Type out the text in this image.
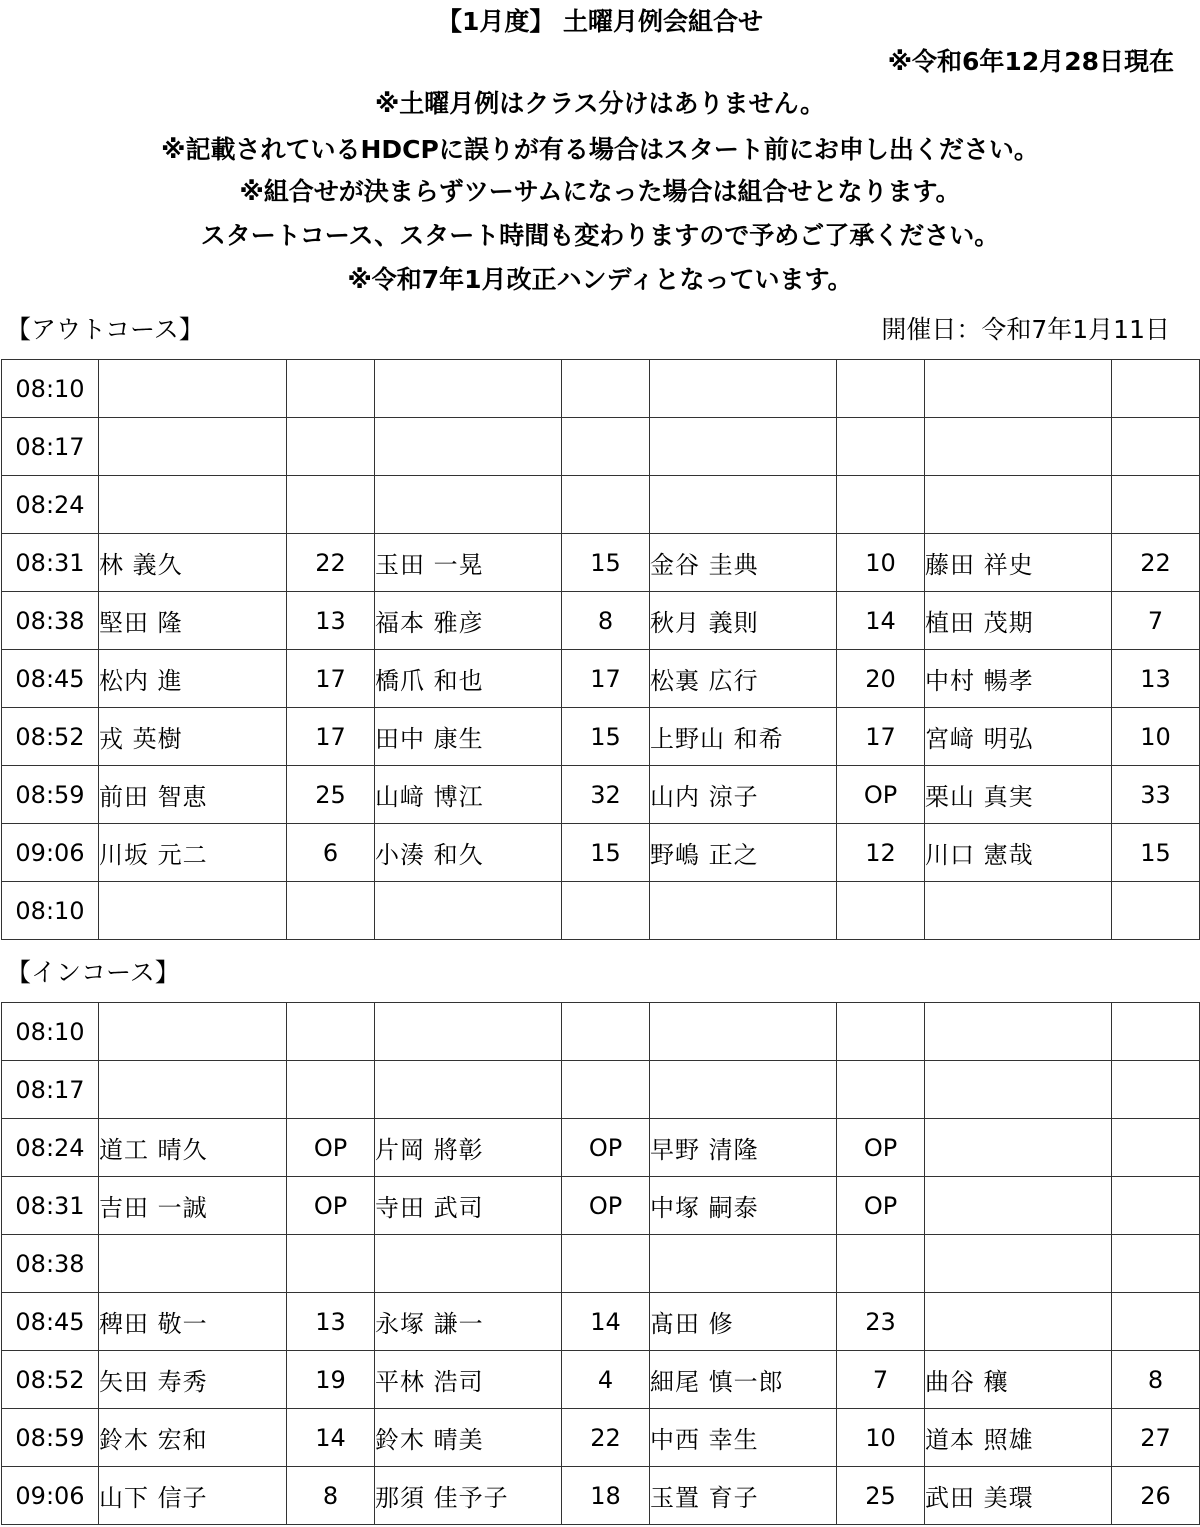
【1月度】 土曜月例会組合せ
※令和6年12月28日現在
※土曜月例はクラス分けはありません。
※記載されているHDCPに誤りが有る場合はスタート前にお申し出ください。
※組合せが決まらずツーサムになった場合は組合せとなります。
スタートコース、スタート時間も変わりますので予めご了承ください。
※令和7年1月改正ハンディとなっています。
【アウトコース】	開催日：令和7年1月11日
08:10								
08:17								
08:24								
08:31	林 義久	22	玉田 一晃	15	金谷 圭典	10	藤田 祥史	22
08:38	堅田 隆	13	福本 雅彦	8	秋月 義則	14	植田 茂期	7
08:45	松内 進	17	橋爪 和也	17	松裏 広行	20	中村 暢孝	13
08:52	戎 英樹	17	田中 康生	15	上野山 和希	17	宮﨑 明弘	10
08:59	前田 智恵	25	山﨑 博江	32	山内 涼子	OP	栗山 真実	33
09:06	川坂 元二	6	小湊 和久	15	野嶋 正之	12	川口 憲哉	15
08:10								
【インコース】
08:10								
08:17								
08:24	道工 晴久	OP	片岡 將彰	OP	早野 清隆	OP		
08:31	吉田 一誠	OP	寺田 武司	OP	中塚 嗣泰	OP		
08:38								
08:45	稗田 敬一	13	永塚 謙一	14	髙田 修	23		
08:52	矢田 寿秀	19	平林 浩司	4	細尾 慎一郎	7	曲谷 穰	8
08:59	鈴木 宏和	14	鈴木 晴美	22	中西 幸生	10	道本 照雄	27
09:06	山下 信子	8	那須 佳予子	18	玉置 育子	25	武田 美環	26
